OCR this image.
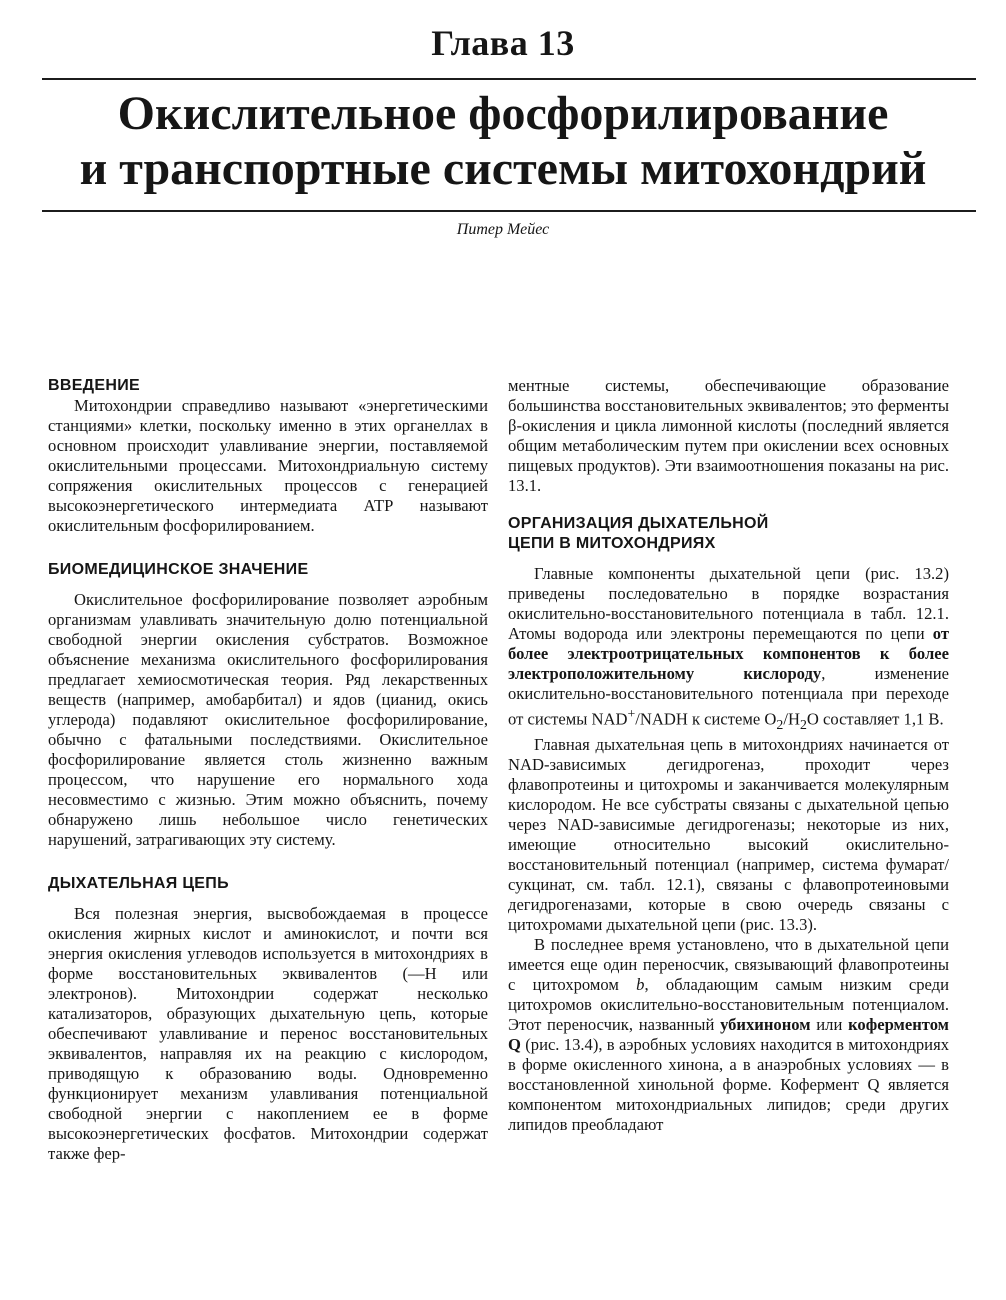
Глава 13
Окислительное фосфорилирование
и транспортные системы митохондрий
Питер Мейес
ВВЕДЕНИЕ

Митохондрии справедливо называют «энергетическими станциями» клетки, поскольку именно в этих органеллах в основном происходит улавливание энергии, поставляемой окислительными процессами. Митохондриальную систему сопряжения окислительных процессов с генерацией высокоэнергетического интермедиата АТР называют окислительным фосфорилированием.

БИОМЕДИЦИНСКОЕ ЗНАЧЕНИЕ

Окислительное фосфорилирование позволяет аэробным организмам улавливать значительную долю потенциальной свободной энергии окисления субстратов. Возможное объяснение механизма окислительного фосфорилирования предлагает хемиосмотическая теория. Ряд лекарственных веществ (например, амобарбитал) и ядов (цианид, окись углерода) подавляют окислительное фосфорилирование, обычно с фатальными последствиями. Окислительное фосфорилирование является столь жизненно важным процессом, что нарушение его нормального хода несовместимо с жизнью. Этим можно объяснить, почему обнаружено лишь небольшое число генетических нарушений, затрагивающих эту систему.

ДЫХАТЕЛЬНАЯ ЦЕПЬ

Вся полезная энергия, высвобождаемая в процессе окисления жирных кислот и аминокислот, и почти вся энергия окисления углеводов используется в митохондриях в форме восстановительных эквивалентов (—Н или электронов). Митохондрии содержат несколько катализаторов, образующих дыхательную цепь, которые обеспечивают улавливание и перенос восстановительных эквивалентов, направляя их на реакцию с кислородом, приводящую к образованию воды. Одновременно функционирует механизм улавливания потенциальной свободной энергии с накоплением ее в форме высокоэнергетических фосфатов. Митохондрии содержат также фер-

ментные системы, обеспечивающие образование большинства восстановительных эквивалентов; это ферменты β-окисления и цикла лимонной кислоты (последний является общим метаболическим путем при окислении всех основных пищевых продуктов). Эти взаимоотношения показаны на рис. 13.1.

ОРГАНИЗАЦИЯ ДЫХАТЕЛЬНОЙ
ЦЕПИ В МИТОХОНДРИЯХ

Главные компоненты дыхательной цепи (рис. 13.2) приведены последовательно в порядке возрастания окислительно-восстановительного потенциала в табл. 12.1. Атомы водорода или электроны перемещаются по цепи от более электроотрицательных компонентов к более электроположительному кислороду, изменение окислительно-восстановительного потенциала при переходе от системы NAD+/NADH к системе $O_2/H_2O$ составляет 1,1 В.

Главная дыхательная цепь в митохондриях начинается от NAD-зависимых дегидрогеназ, проходит через флавопротеины и цитохромы и заканчивается молекулярным кислородом. Не все субстраты связаны с дыхательной цепью через NAD-зависимые дегидрогеназы; некоторые из них, имеющие относительно высокий окислительно-восстановительный потенциал (например, система фумарат/сукцинат, см. табл. 12.1), связаны с флавопротеиновыми дегидрогеназами, которые в свою очередь связаны с цитохромами дыхательной цепи (рис. 13.3).

В последнее время установлено, что в дыхательной цепи имеется еще один переносчик, связывающий флавопротеины с цитохромом b, обладающим самым низким среди цитохромов окислительно-восстановительным потенциалом. Этот переносчик, названный убихиноном или коферментом Q (рис. 13.4), в аэробных условиях находится в митохондриях в форме окисленного хинона, а в анаэробных условиях — в восстановленной хинольной форме. Кофермент Q является компонентом митохондриальных липидов; среди других липидов преобладают
